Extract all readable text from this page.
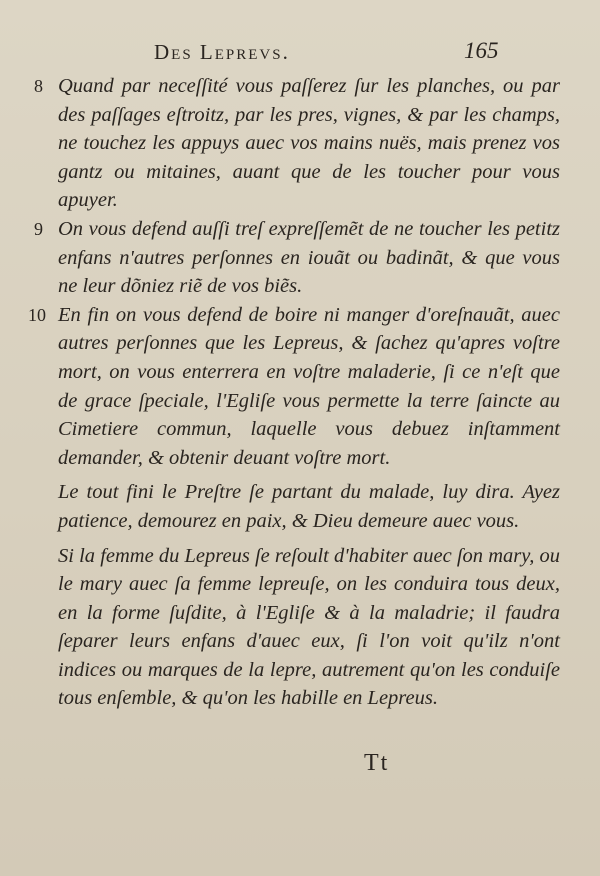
Des Leprevs.	165

8 Quand par neceſſité vous paſſerez ſur les planches, ou par des paſſages eſtroitz, par les pres, vignes, & par les champs, ne touchez les appuys auec vos mains nuës, mais prenez vos gantz ou mitaines, auant que de les toucher pour vous apuyer.

9 On vous defend auſſi treſ expreſſemẽt de ne toucher les petitz enfans n'autres perſonnes en iouãt ou badinãt, & que vous ne leur dõniez riẽ de vos biẽs.

10 En fin on vous defend de boire ni manger d'oreſnauãt, auec autres perſonnes que les Lepreus, & ſachez qu'apres voſtre mort, on vous enterrera en voſtre maladerie, ſi ce n'eſt que de grace ſpeciale, l'Egliſe vous permette la terre ſaincte au Cimetiere commun, laquelle vous debuez inſtamment demander, & obtenir deuant voſtre mort.

Le tout fini le Preſtre ſe partant du malade, luy dira. Ayez patience, demourez en paix, & Dieu demeure auec vous.

Si la femme du Lepreus ſe reſoult d'habiter auec ſon mary, ou le mary auec ſa femme lepreuſe, on les conduira tous deux, en la forme ſuſdite, à l'Egliſe & à la maladrie; il faudra ſeparer leurs enfans d'auec eux, ſi l'on voit qu'ilz n'ont indices ou marques de la lepre, autrement qu'on les conduiſe tous enſemble, & qu'on les habille en Lepreus.

Tt
